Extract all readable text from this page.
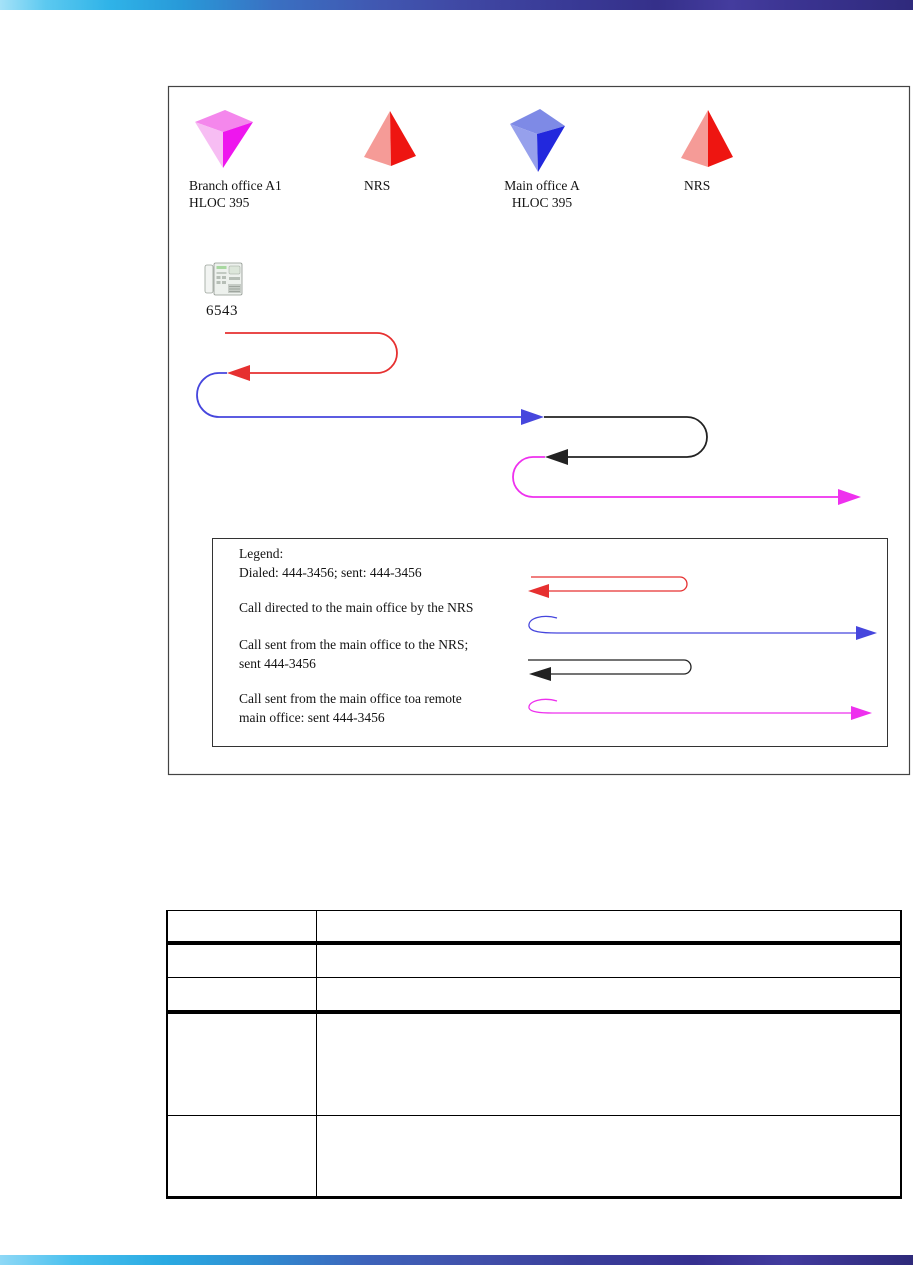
Branch office A1
HLOC 395
NRS	Main office A
HLOC 395
NRS
6543
Legend:
Dialed: 444-3456; sent: 444-3456
Call directed to the main office by the NRS
Call sent from the main office to the NRS;
sent 444-3456
Call sent from the main office toa remote
main office: sent 444-3456
